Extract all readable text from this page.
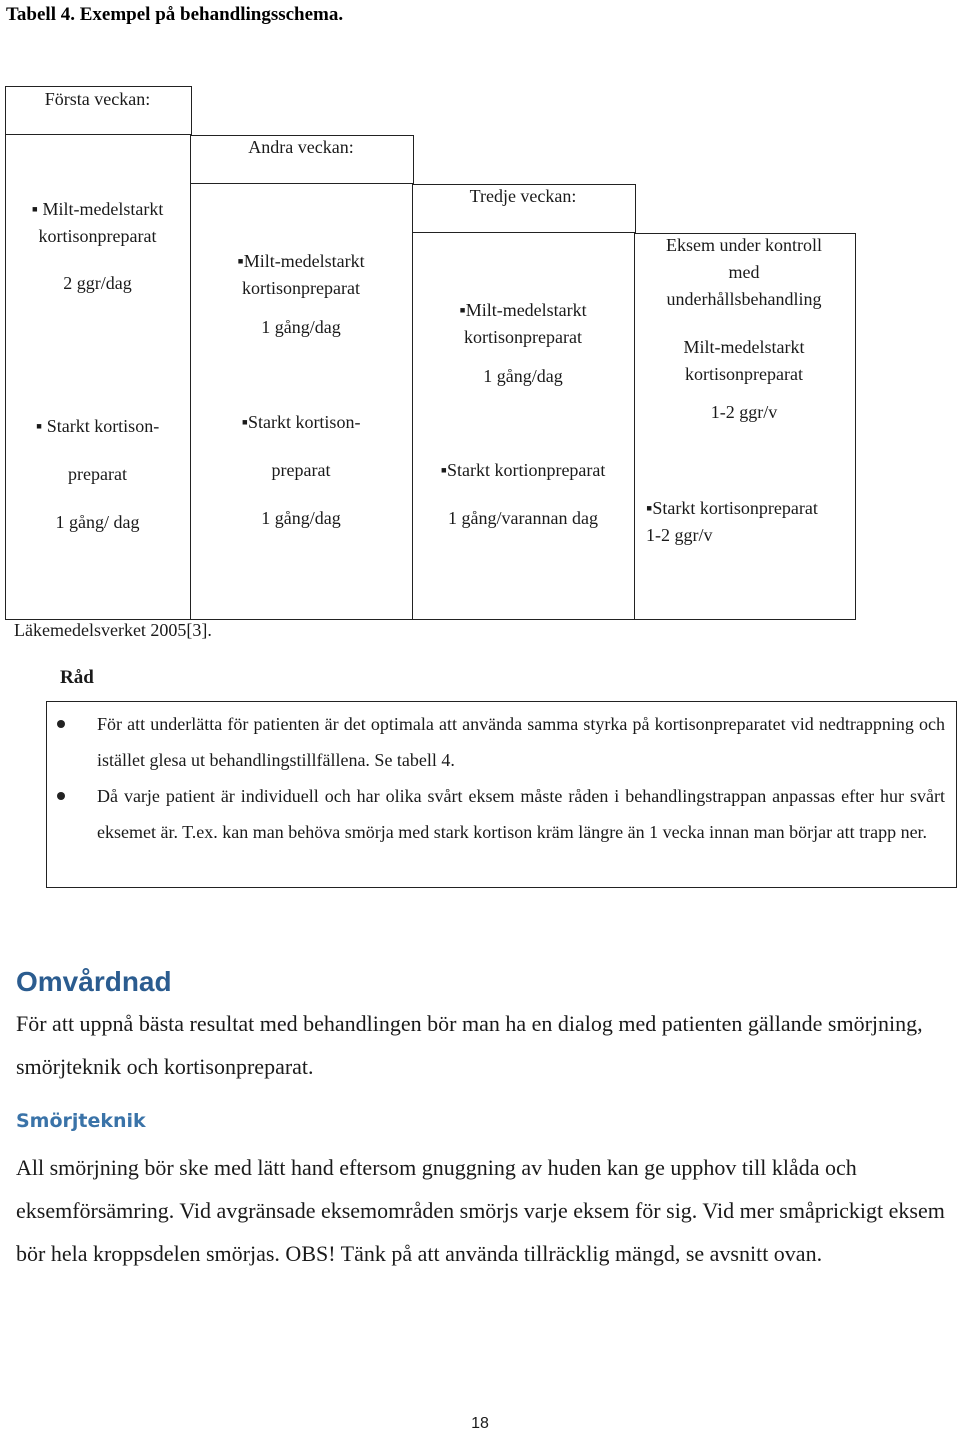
Tabell 4. Exempel på behandlingsschema.
Första veckan:
Andra veckan:
Tredje veckan:
▪ Milt-medelstarkt
kortisonpreparat
2 ggr/dag
▪ Starkt kortison-
preparat
1 gång/ dag
▪Milt-medelstarkt
kortisonpreparat
1 gång/dag
▪Starkt kortison-
preparat
1 gång/dag
▪Milt-medelstarkt
kortisonpreparat
1 gång/dag
▪Starkt kortionpreparat
1 gång/varannan dag
Eksem under kontroll
med
underhållsbehandling
Milt-medelstarkt
kortisonpreparat
1-2 ggr/v
▪Starkt kortisonpreparat
1-2 ggr/v
Läkemedelsverket 2005[3].
Råd
För att underlätta för patienten är det optimala att använda samma styrka på kortisonpreparatet vid nedtrappning och istället glesa ut behandlingstillfällena. Se tabell 4.
Då varje patient är individuell och har olika svårt eksem måste råden i behandlingstrappan anpassas efter hur svårt eksemet är. T.ex. kan man behöva smörja med stark kortison kräm längre än 1 vecka innan man börjar att trapp ner.
Omvårdnad
För att uppnå bästa resultat med behandlingen bör man ha en dialog med patienten gällande smörjning, smörjteknik och kortisonpreparat.
Smörjteknik
All smörjning bör ske med lätt hand eftersom gnuggning av huden kan ge upphov till klåda och eksemförsämring. Vid avgränsade eksemområden smörjs varje eksem för sig. Vid mer småprickigt eksem bör hela kroppsdelen smörjas. OBS! Tänk på att använda tillräcklig mängd, se avsnitt ovan.
18
